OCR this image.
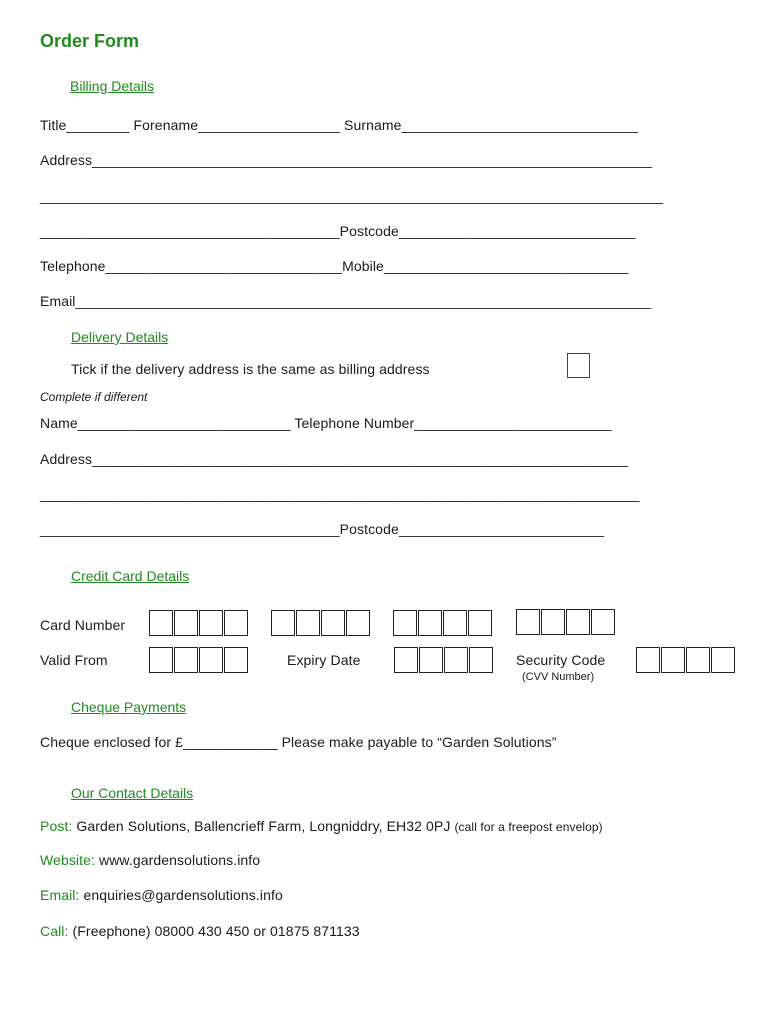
Order Form
Billing Details
Title________ Forename__________________ Surname______________________________
Address_______________________________________________________________________
_______________________________________________________________________________
______________________________________Postcode______________________________
Telephone______________________________Mobile_______________________________
Email_________________________________________________________________________
Delivery Details
Tick if the delivery address is the same as billing address
Complete if different
Name___________________________ Telephone Number_________________________
Address____________________________________________________________________
____________________________________________________________________________
______________________________________Postcode__________________________
Credit Card Details
Card Number
Valid From	Expiry Date	Security Code
(CVV Number)
Cheque Payments
Cheque enclosed for £____________ Please make payable to “Garden Solutions”
Our Contact Details
Post: Garden Solutions, Ballencrieff Farm, Longniddry, EH32 0PJ (call for a freepost envelop)
Website: www.gardensolutions.info
Email: enquiries@gardensolutions.info
Call: (Freephone) 08000 430 450 or 01875 871133
